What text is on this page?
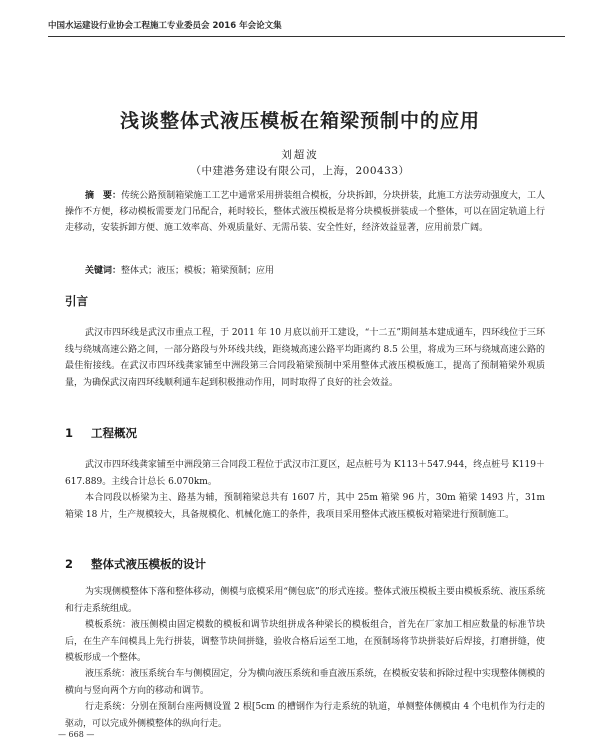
中国水运建设行业协会工程施工专业委员会 2016 年会论文集
浅谈整体式液压模板在箱梁预制中的应用
刘超波
（中建港务建设有限公司，上海，200433）

摘　要：传统公路预制箱梁施工工艺中通常采用拼装组合模板，分块拆卸，分块拼装，此施工方法劳动强度大，工人操作不方便，移动模板需要龙门吊配合，耗时较长，整体式液压模板是将分块模板拼装成一个整体，可以在固定轨道上行走移动，安装拆卸方便、施工效率高、外观质量好、无需吊装、安全性好，经济效益显著，应用前景广阔。

关键词：整体式；液压；模板；箱梁预制；应用

引言

武汉市四环线是武汉市重点工程，于 2011 年 10 月底以前开工建设，“十二五”期间基本建成通车，四环线位于三环线与绕城高速公路之间，一部分路段与外环线共线，距绕城高速公路平均距离约 8.5 公里，将成为三环与绕城高速公路的最佳衔接线。在武汉市四环线龚家铺至中洲段第三合同段箱梁预制中采用整体式液压模板施工，提高了预制箱梁外观质量，为确保武汉南四环线顺利通车起到积极推动作用，同时取得了良好的社会效益。

1 工程概况

武汉市四环线龚家铺至中洲段第三合同段工程位于武汉市江夏区，起点桩号为 K113＋547.944，终点桩号 K119＋617.889。主线合计总长 6.070km。

本合同段以桥梁为主、路基为辅，预制箱梁总共有 1607 片，其中 25m 箱梁 96 片，30m 箱梁 1493 片，31m 箱梁 18 片，生产规模较大，具备规模化、机械化施工的条件，我项目采用整体式液压模板对箱梁进行预制施工。

2 整体式液压模板的设计

为实现侧模整体下落和整体移动，侧模与底模采用“侧包底”的形式连接。整体式液压模板主要由模板系统、液压系统和行走系统组成。

模板系统：液压侧模由固定模数的模板和调节块组拼成各种梁长的模板组合，首先在厂家加工相应数量的标准节块后，在生产车间模具上先行拼装，调整节块间拼缝，验收合格后运至工地，在预制场将节块拼装好后焊接，打磨拼缝，使模板形成一个整体。

液压系统：液压系统台车与侧模固定，分为横向液压系统和垂直液压系统，在模板安装和拆除过程中实现整体侧模的横向与竖向两个方向的移动和调节。

行走系统：分别在预制台座两侧设置 2 根[5cm 的槽钢作为行走系统的轨道，单侧整体侧模由 4 个电机作为行走的驱动，可以完成外侧模整体的纵向行走。

— 668 —
